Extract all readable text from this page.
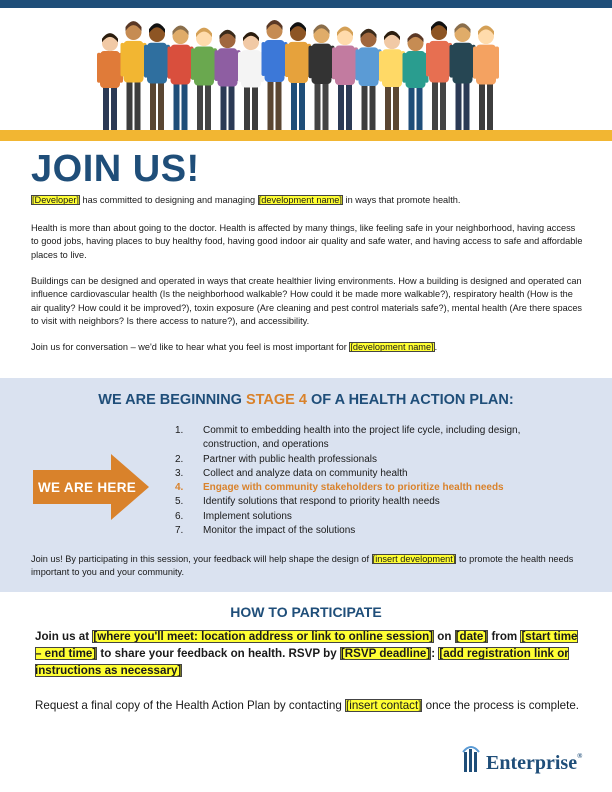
JOIN US!

[Developer] has committed to designing and managing [development name] in ways that promote health.

Health is more than about going to the doctor. Health is affected by many things, like feeling safe in your neighborhood, having access to good jobs, having places to buy healthy food, having good indoor air quality and safe water, and having access to safe and affordable places to live.

Buildings can be designed and operated in ways that create healthier living environments. How a building is designed and operated can influence cardiovascular health (Is the neighborhood walkable? How could it be made more walkable?), respiratory health (How is the air quality? How could it be improved?), toxin exposure (Are cleaning and pest control materials safe?), mental health (Are there spaces to visit with neighbors? Is there access to nature?), and accessibility.

Join us for conversation – we'd like to hear what you feel is most important for [development name].

WE ARE BEGINNING STAGE 4 OF A HEALTH ACTION PLAN:
WE ARE HERE
1.	Commit to embedding health into the project life cycle, including design, construction, and operations
2.	Partner with public health professionals
3.	Collect and analyze data on community health
4.	Engage with community stakeholders to prioritize health needs
5.	Identify solutions that respond to priority health needs
6.	Implement solutions
7.	Monitor the impact of the solutions

Join us! By participating in this session, your feedback will help shape the design of [insert development] to promote the health needs important to you and your community.

HOW TO PARTICIPATE

Join us at [where you'll meet: location address or link to online session] on [date] from [start time – end time] to share your feedback on health. RSVP by [RSVP deadline]: [add registration link or instructions as necessary]

Request a final copy of the Health Action Plan by contacting [insert contact] once the process is complete.

Enterprise®
